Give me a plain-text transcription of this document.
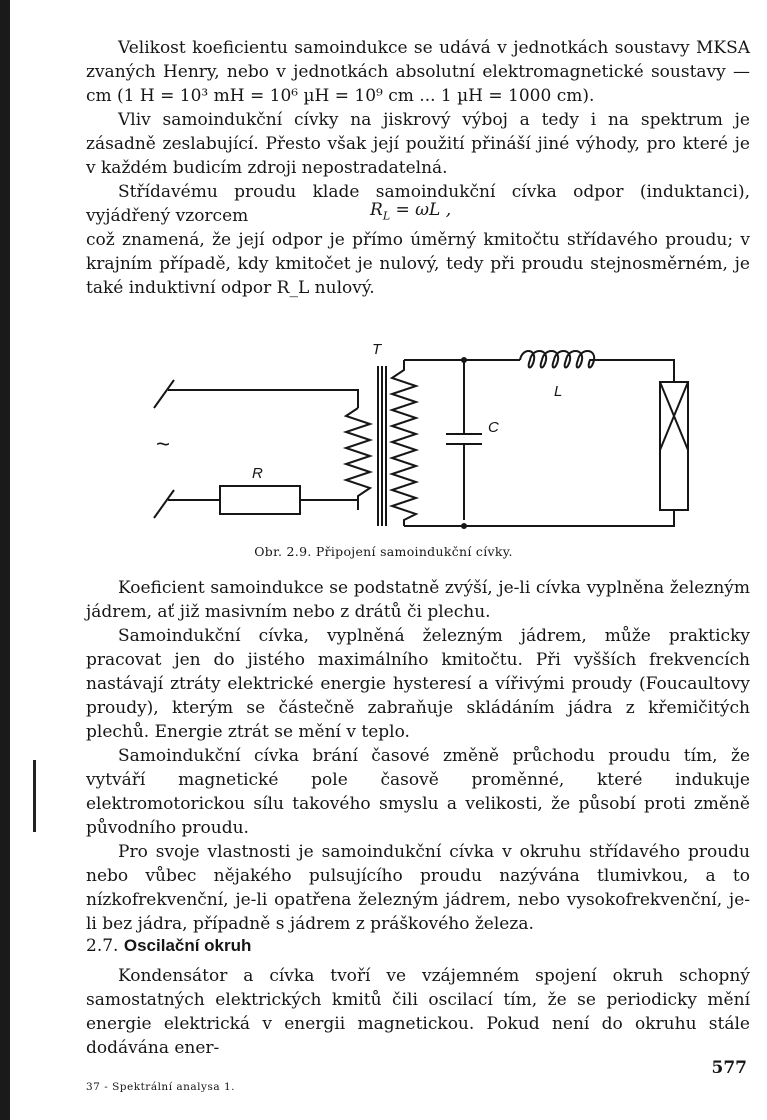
Velikost koeficientu samoindukce se udává v jednotkách soustavy MKSA zvaných Henry, nebo v jednotkách absolutní elektromagnetické soustavy — cm (1 H = 10³ mH = 10⁶ µH = 10⁹ cm ... 1 µH = 1000 cm).

Vliv samoindukční cívky na jiskrový výboj a tedy i na spektrum je zásadně zeslabující. Přesto však její použití přináší jiné výhody, pro které je v každém budicím zdroji nepostradatelná.

Střídavému proudu klade samoindukční cívka odpor (induktanci), vyjádřený vzorcem	$R_L = \omega L$ ,

což znamená, že její odpor je přímo úměrný kmitočtu střídavého proudu; v krajním případě, kdy kmitočet je nulový, tedy při proudu stejnosměrném, je také induktivní odpor R_L nulový.

T
L
C
R
~
Obr. 2.9. Připojení samoindukční cívky.

Koeficient samoindukce se podstatně zvýší, je-li cívka vyplněna železným jádrem, ať již masivním nebo z drátů či plechu.

Samoindukční cívka, vyplněná železným jádrem, může prakticky pracovat jen do jistého maximálního kmitočtu. Při vyšších frekvencích nastávají ztráty elektrické energie hysteresí a vířivými proudy (Foucaultovy proudy), kterým se částečně zabraňuje skládáním jádra z křemičitých plechů. Energie ztrát se mění v teplo.

Samoindukční cívka brání časové změně průchodu proudu tím, že vytváří magnetické pole časově proměnné, které indukuje elektromotorickou sílu takového smyslu a velikosti, že působí proti změně původního proudu.

Pro svoje vlastnosti je samoindukční cívka v okruhu střídavého proudu nebo vůbec nějakého pulsujícího proudu nazývána tlumivkou, a to nízkofrekvenční, je-li opatřena železným jádrem, nebo vysokofrekvenční, je-li bez jádra, případně s jádrem z práškového železa.

2.7. Oscilační okruh

Kondensátor a cívka tvoří ve vzájemném spojení okruh schopný samostatných elektrických kmitů čili oscilací tím, že se periodicky mění energie elektrická v energii magnetickou. Pokud není do okruhu stále dodávána ener-

37 - Spektrální analysa 1.
577
